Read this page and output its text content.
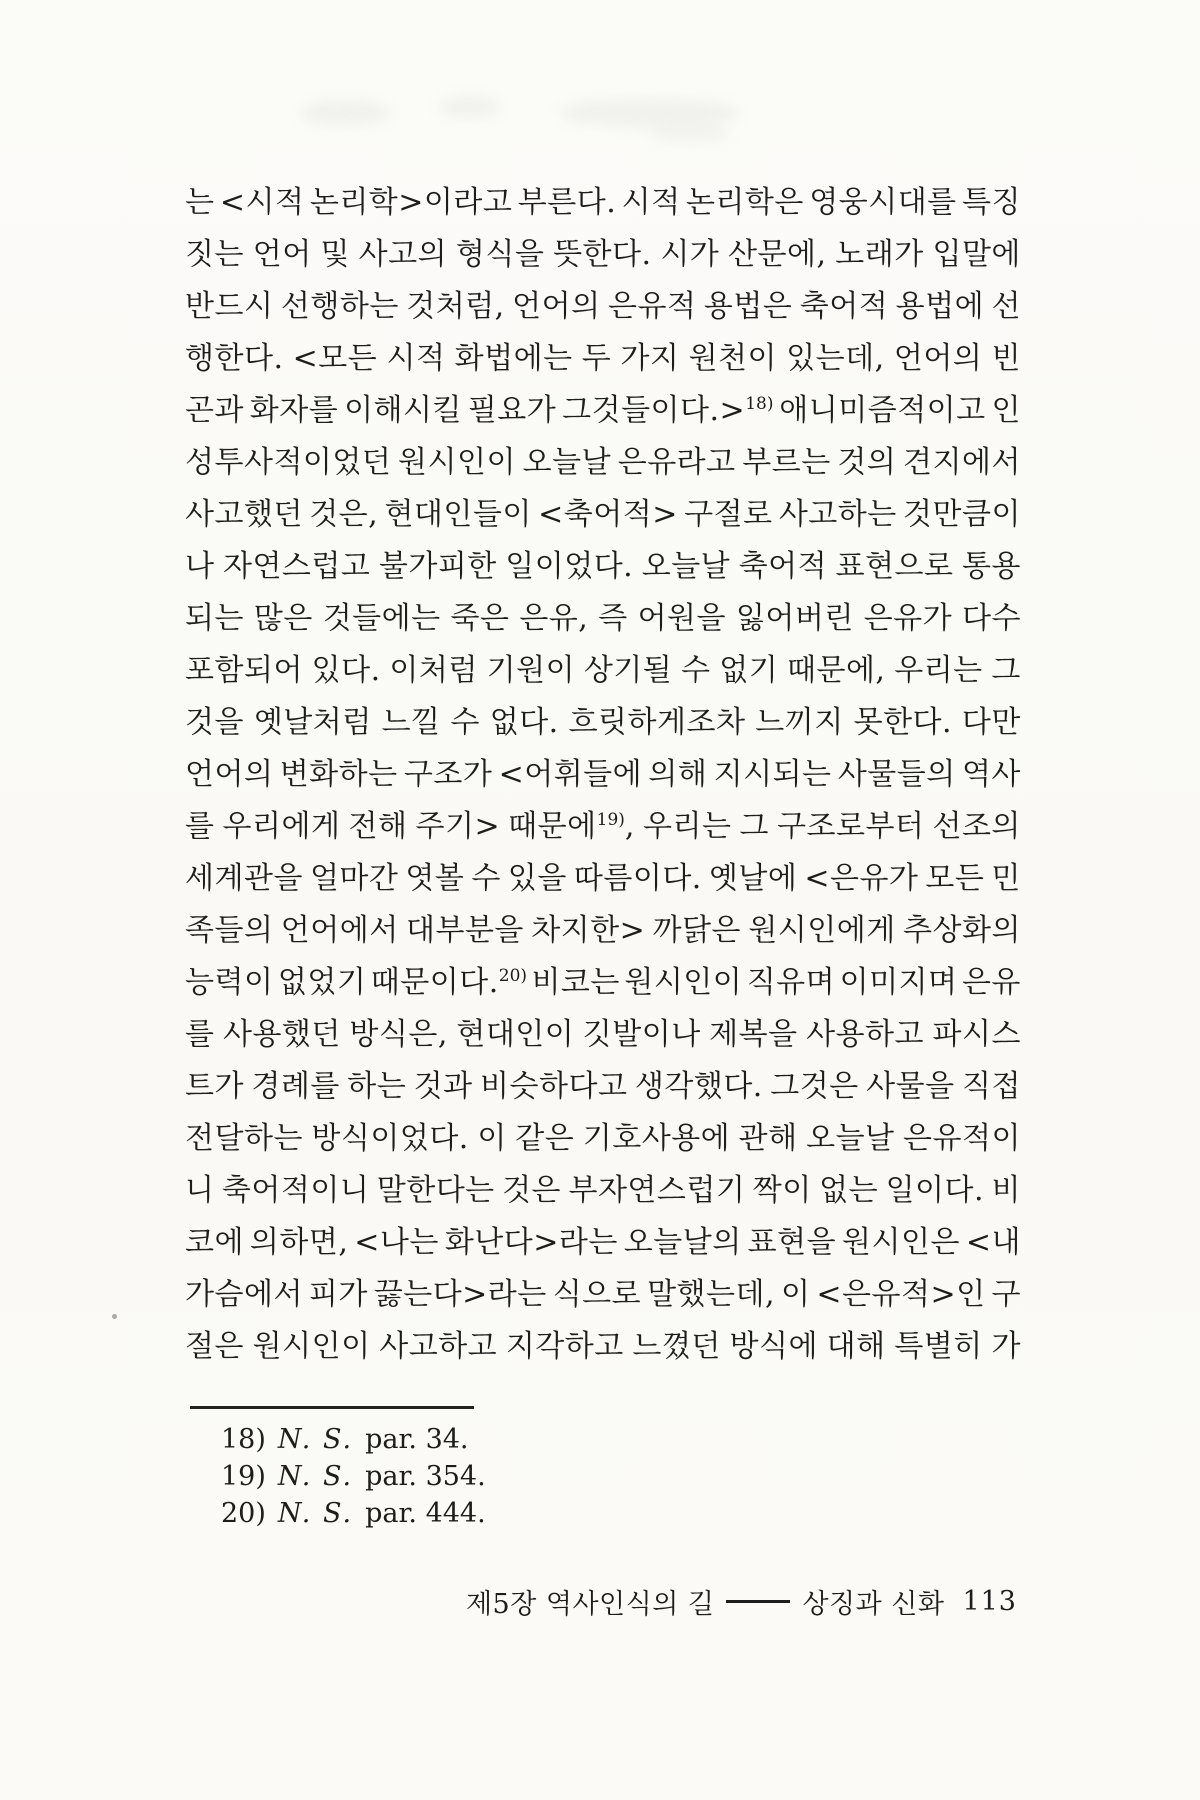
는 <시적 논리학>이라고 부른다. 시적 논리학은 영웅시대를 특징
짓는 언어 및 사고의 형식을 뜻한다. 시가 산문에, 노래가 입말에
반드시 선행하는 것처럼, 언어의 은유적 용법은 축어적 용법에 선
행한다. <모든 시적 화법에는 두 가지 원천이 있는데, 언어의 빈
곤과 화자를 이해시킬 필요가 그것들이다.>$^{18)}$ 애니미즘적이고 인
성투사적이었던 원시인이 오늘날 은유라고 부르는 것의 견지에서
사고했던 것은, 현대인들이 <축어적> 구절로 사고하는 것만큼이
나 자연스럽고 불가피한 일이었다. 오늘날 축어적 표현으로 통용
되는 많은 것들에는 죽은 은유, 즉 어원을 잃어버린 은유가 다수
포함되어 있다. 이처럼 기원이 상기될 수 없기 때문에, 우리는 그
것을 옛날처럼 느낄 수 없다. 흐릿하게조차 느끼지 못한다. 다만
언어의 변화하는 구조가 <어휘들에 의해 지시되는 사물들의 역사
를 우리에게 전해 주기> 때문에$^{19)}$, 우리는 그 구조로부터 선조의
세계관을 얼마간 엿볼 수 있을 따름이다. 옛날에 <은유가 모든 민
족들의 언어에서 대부분을 차지한> 까닭은 원시인에게 추상화의
능력이 없었기 때문이다.$^{20)}$ 비코는 원시인이 직유며 이미지며 은유
를 사용했던 방식은, 현대인이 깃발이나 제복을 사용하고 파시스
트가 경례를 하는 것과 비슷하다고 생각했다. 그것은 사물을 직접
전달하는 방식이었다. 이 같은 기호사용에 관해 오늘날 은유적이
니 축어적이니 말한다는 것은 부자연스럽기 짝이 없는 일이다. 비
코에 의하면, <나는 화난다>라는 오늘날의 표현을 원시인은 <내
가슴에서 피가 끓는다>라는 식으로 말했는데, 이 <은유적>인 구
절은 원시인이 사고하고 지각하고 느꼈던 방식에 대해 특별히 가
18) N. S. par. 34.
19) N. S. par. 354.
20) N. S. par. 444.
제5장 역사인식의 길	상징과 신화 113
